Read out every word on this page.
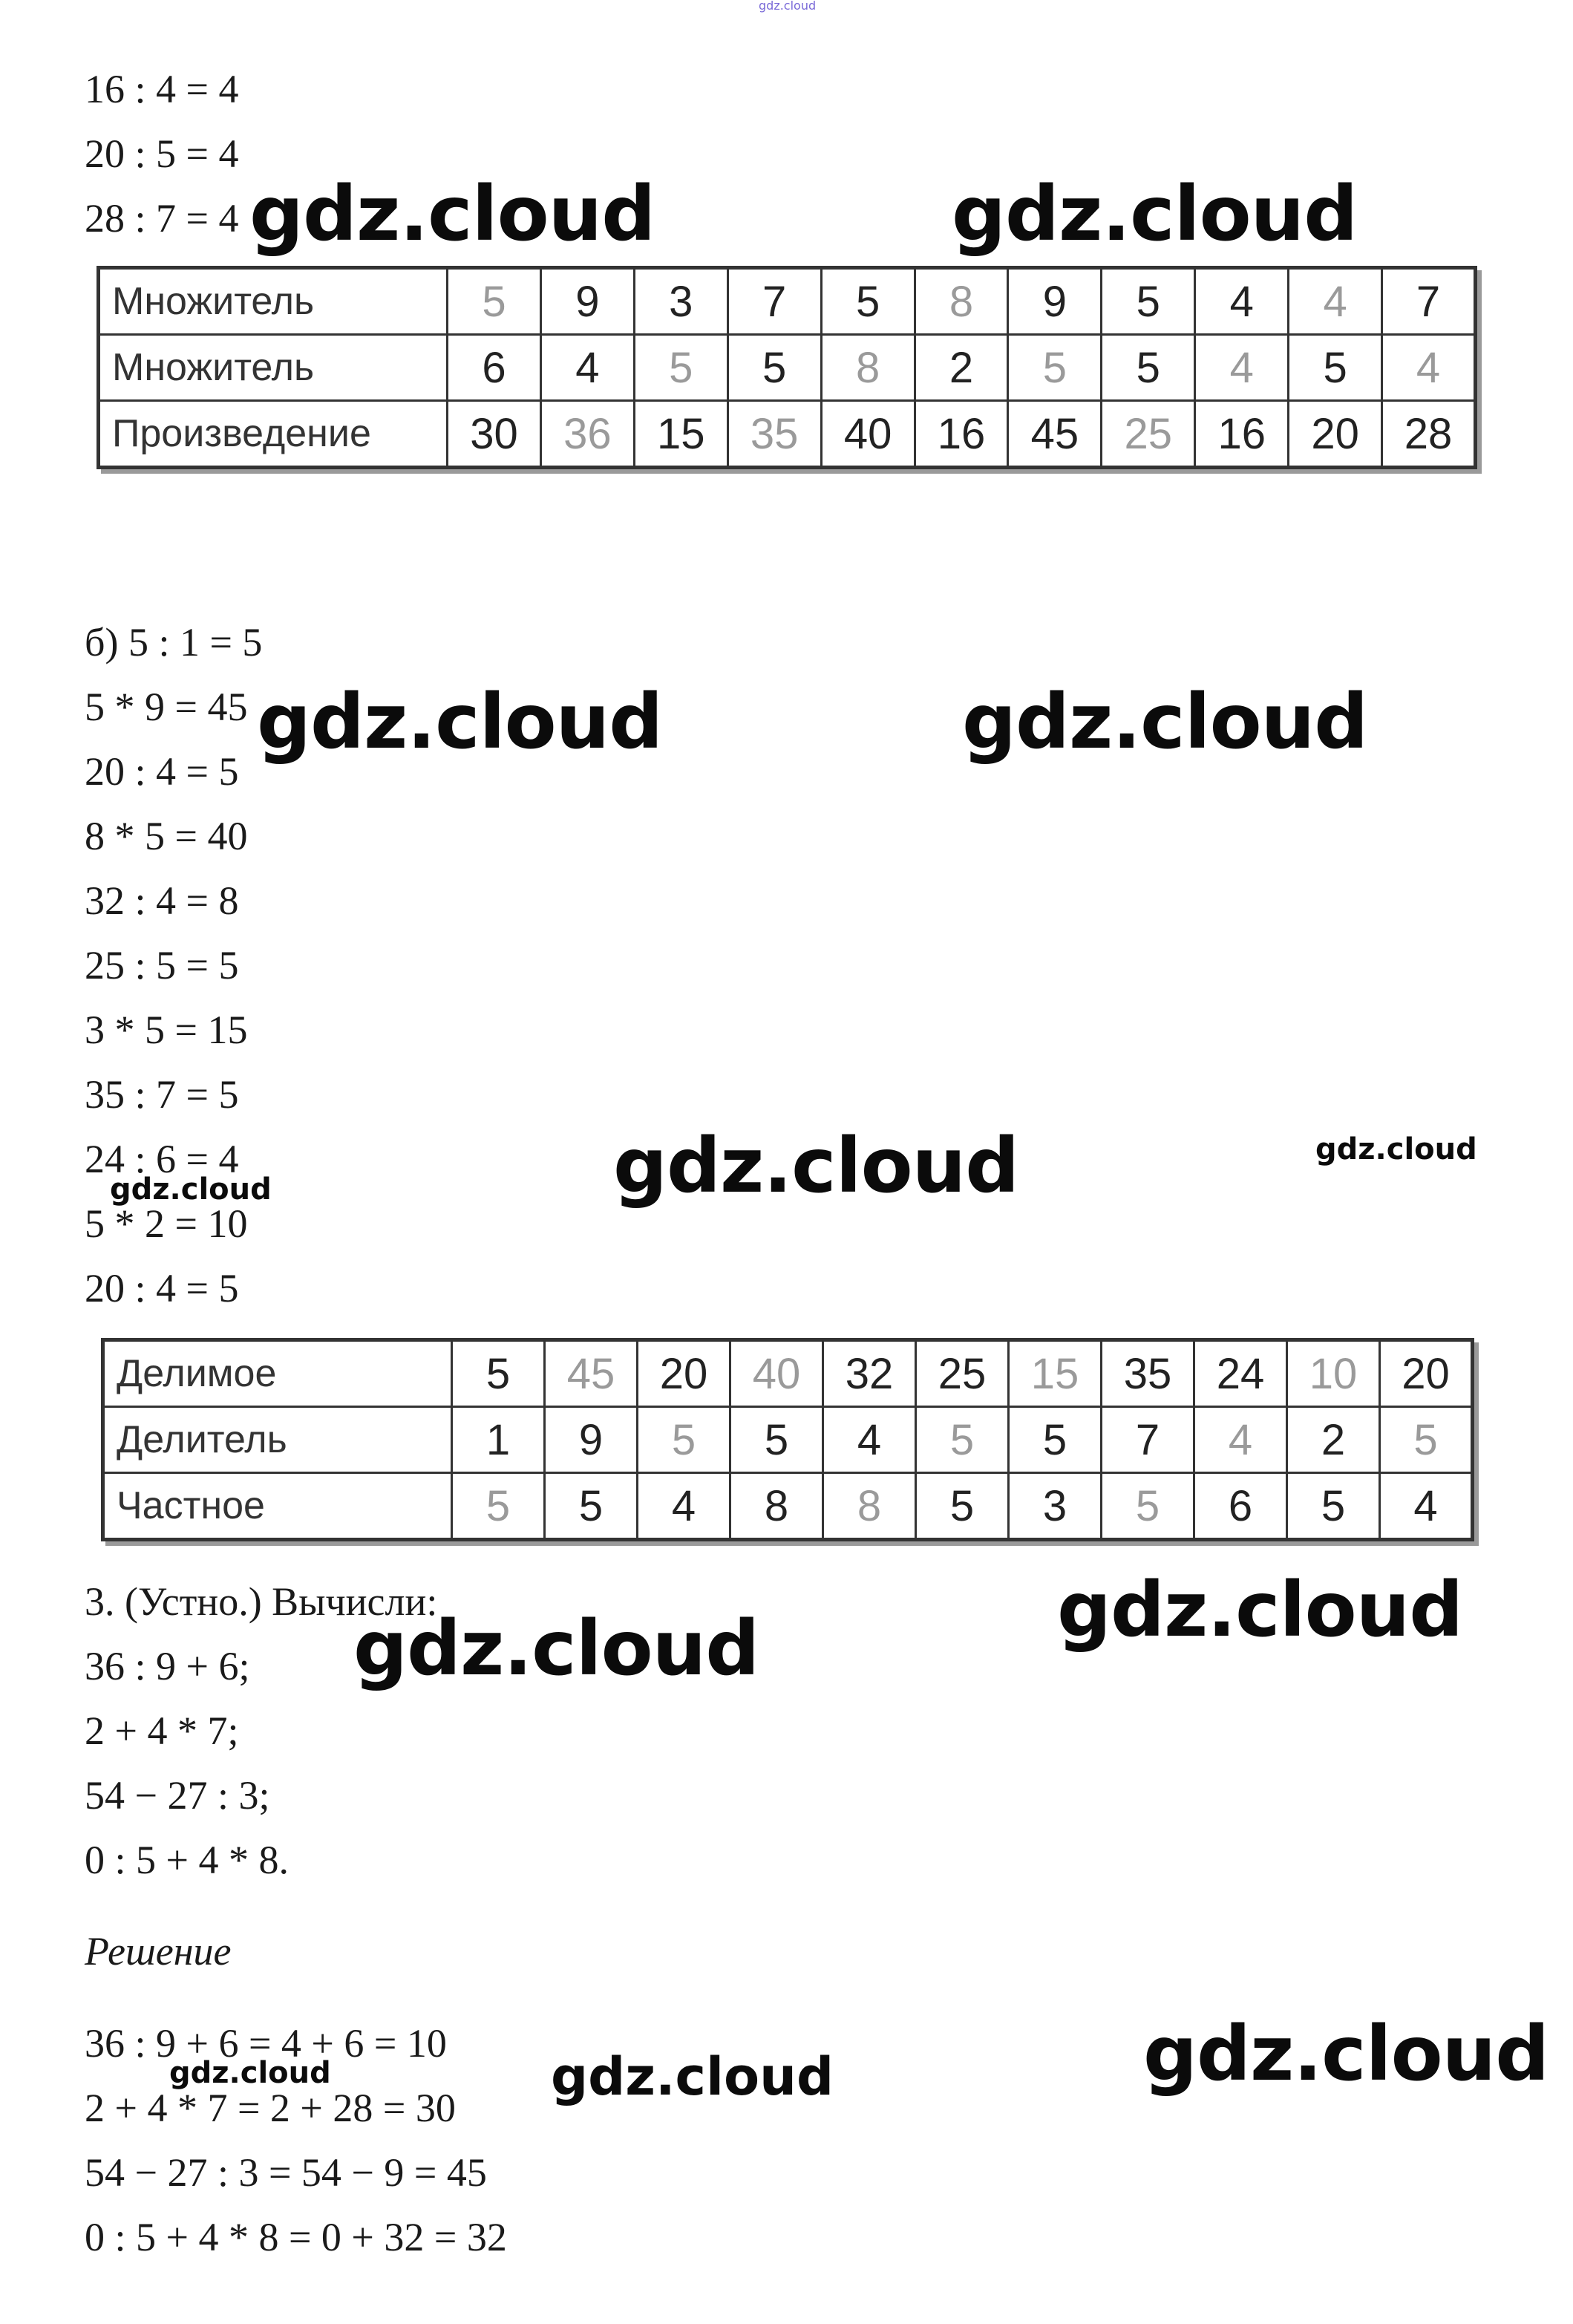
gdz.cloud
16 : 4 = 4
20 : 5 = 4
28 : 7 = 4
Множитель	5	9	3	7	5	8	9	5	4	4	7
Множитель	6	4	5	5	8	2	5	5	4	5	4
Произведение	30	36	15	35	40	16	45	25	16	20	28
б) 5 : 1 = 5
5 * 9 = 45
20 : 4 = 5
8 * 5 = 40
32 : 4 = 8
25 : 5 = 5
3 * 5 = 15
35 : 7 = 5
24 : 6 = 4
5 * 2 = 10
20 : 4 = 5
Делимое	5	45	20	40	32	25	15	35	24	10	20
Делитель	1	9	5	5	4	5	5	7	4	2	5
Частное	5	5	4	8	8	5	3	5	6	5	4
3. (Устно.) Вычисли:
36 : 9 + 6;
2 + 4 * 7;
54 − 27 : 3;
0 : 5 + 4 * 8.
Решение
36 : 9 + 6 = 4 + 6 = 10
2 + 4 * 7 = 2 + 28 = 30
54 − 27 : 3 = 54 − 9 = 45
0 : 5 + 4 * 8 = 0 + 32 = 32
gdz.cloud	gdz.cloud
gdz.cloud	gdz.cloud
gdz.cloud	gdz.cloud
gdz.cloud
gdz.cloud
gdz.cloud
gdz.cloud	gdz.cloud	gdz.cloud
